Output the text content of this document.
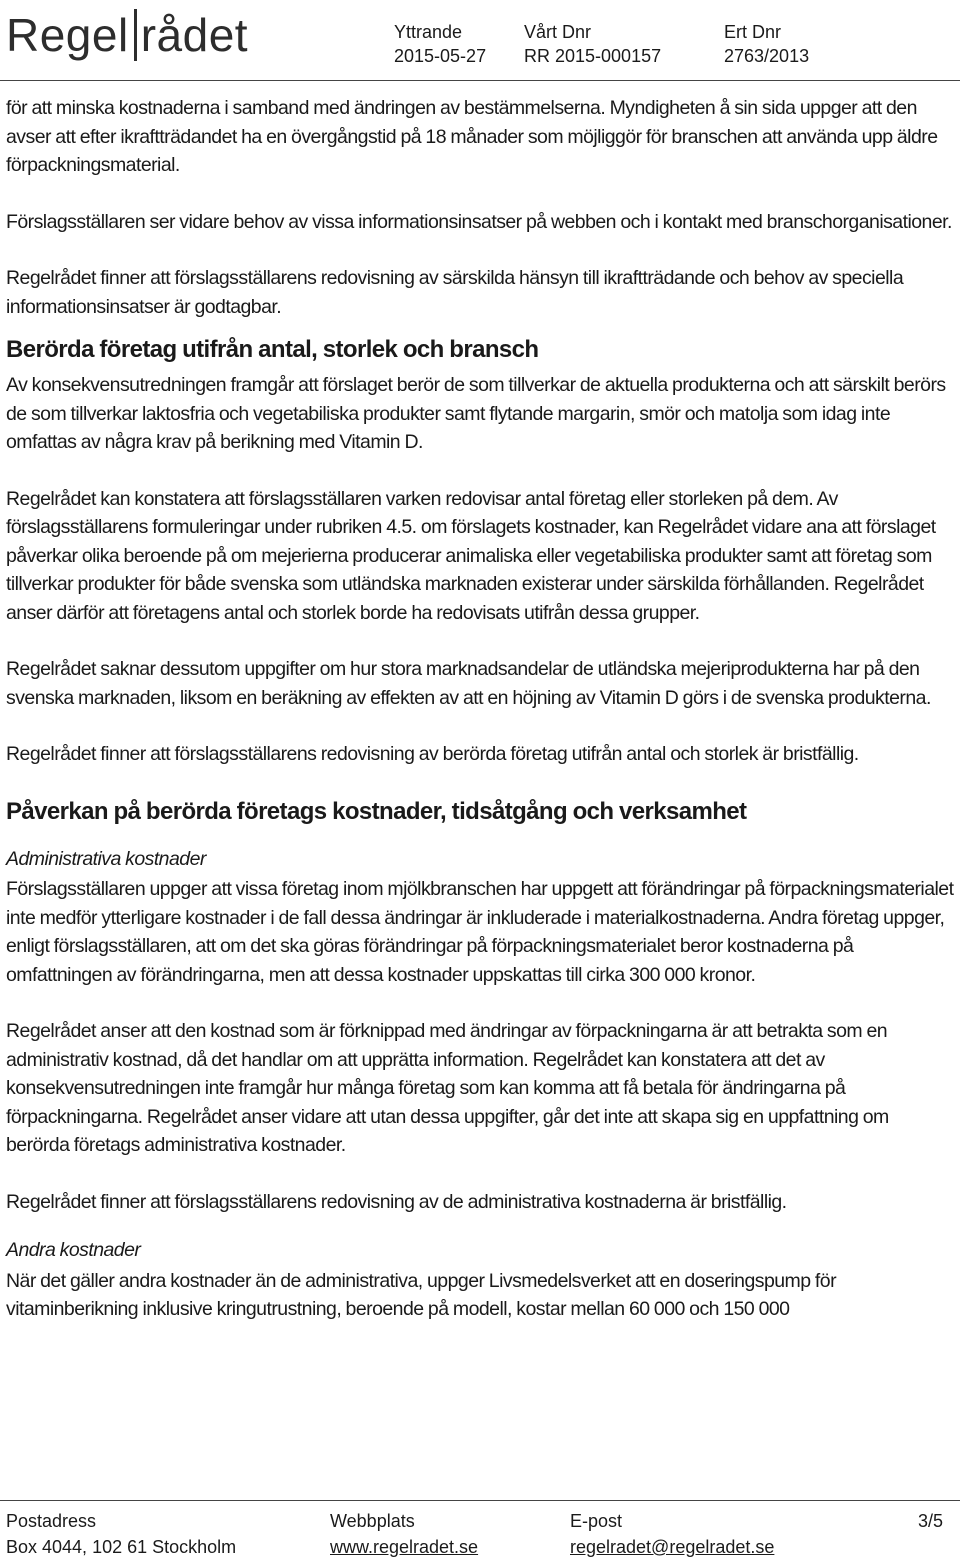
Regel rådet	Yttrande
2015-05-27
Vårt Dnr
RR 2015-000157
Ert Dnr
2763/2013

för att minska kostnaderna i samband med ändringen av bestämmelserna. Myndigheten å sin sida uppger att den avser att efter ikraftträdandet ha en övergångstid på 18 månader som möjliggör för branschen att använda upp äldre förpackningsmaterial.

Förslagsställaren ser vidare behov av vissa informationsinsatser på webben och i kontakt med branschorganisationer.

Regelrådet finner att förslagsställarens redovisning av särskilda hänsyn till ikraftträdande och behov av speciella informationsinsatser är godtagbar.

Berörda företag utifrån antal, storlek och bransch

Av konsekvensutredningen framgår att förslaget berör de som tillverkar de aktuella produkterna och att särskilt berörs de som tillverkar laktosfria och vegetabiliska produkter samt flytande margarin, smör och matolja som idag inte omfattas av några krav på berikning med Vitamin D.

Regelrådet kan konstatera att förslagsställaren varken redovisar antal företag eller storleken på dem. Av förslagsställarens formuleringar under rubriken 4.5. om förslagets kostnader, kan Regelrådet vidare ana att förslaget påverkar olika beroende på om mejerierna producerar animaliska eller vegetabiliska produkter samt att företag som tillverkar produkter för både svenska som utländska marknaden existerar under särskilda förhållanden. Regelrådet anser därför att företagens antal och storlek borde ha redovisats utifrån dessa grupper.

Regelrådet saknar dessutom uppgifter om hur stora marknadsandelar de utländska mejeriprodukterna har på den svenska marknaden, liksom en beräkning av effekten av att en höjning av Vitamin D görs i de svenska produkterna.

Regelrådet finner att förslagsställarens redovisning av berörda företag utifrån antal och storlek är bristfällig.

Påverkan på berörda företags kostnader, tidsåtgång och verksamhet
Administrativa kostnader

Förslagsställaren uppger att vissa företag inom mjölkbranschen har uppgett att förändringar på förpackningsmaterialet inte medför ytterligare kostnader i de fall dessa ändringar är inkluderade i materialkostnaderna. Andra företag uppger, enligt förslagsställaren, att om det ska göras förändringar på förpackningsmaterialet beror kostnaderna på omfattningen av förändringarna, men att dessa kostnader uppskattas till cirka 300 000 kronor.

Regelrådet anser att den kostnad som är förknippad med ändringar av förpackningarna är att betrakta som en administrativ kostnad, då det handlar om att upprätta information. Regelrådet kan konstatera att det av konsekvensutredningen inte framgår hur många företag som kan komma att få betala för ändringarna på förpackningarna. Regelrådet anser vidare att utan dessa uppgifter, går det inte att skapa sig en uppfattning om berörda företags administrativa kostnader.

Regelrådet finner att förslagsställarens redovisning av de administrativa kostnaderna är bristfällig.

Andra kostnader

När det gäller andra kostnader än de administrativa, uppger Livsmedelsverket att en doseringspump för vitaminberikning inklusive kringutrustning, beroende på modell, kostar mellan 60 000 och 150 000

Postadress
Box 4044, 102 61 Stockholm
Webbplats
www.regelradet.se
E-post
regelradet@regelradet.se
3/5
